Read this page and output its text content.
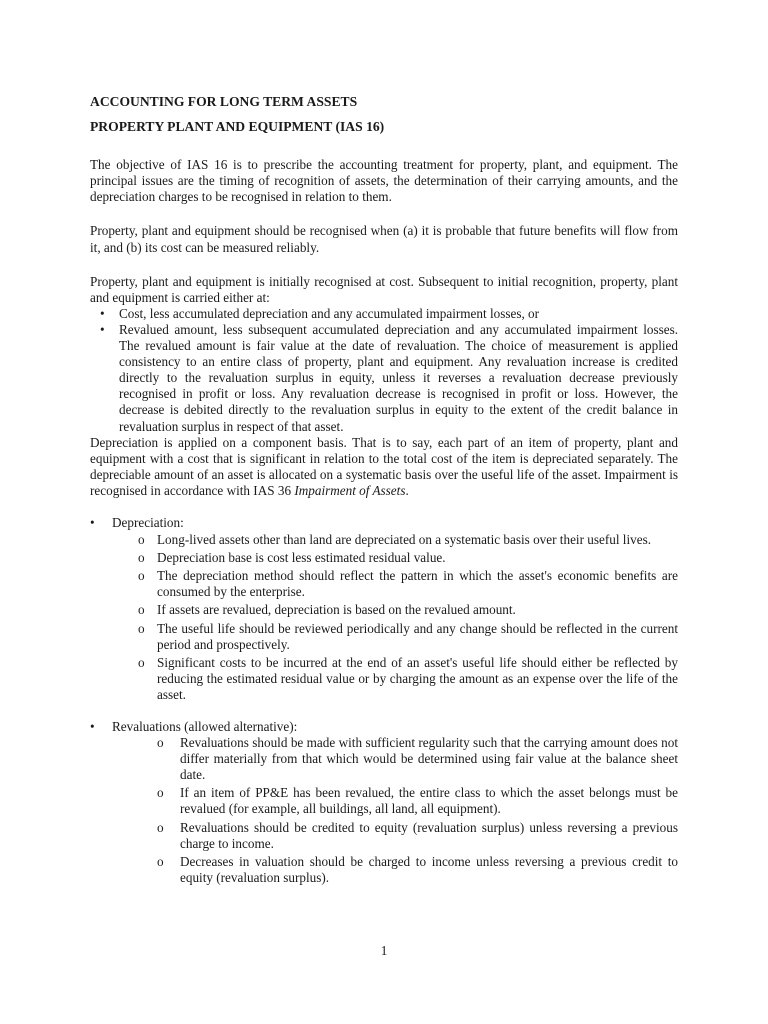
ACCOUNTING FOR LONG TERM ASSETS

PROPERTY PLANT AND EQUIPMENT (IAS 16)

The objective of IAS 16 is to prescribe the accounting treatment for property, plant, and equipment. The principal issues are the timing of recognition of assets, the determination of their carrying amounts, and the depreciation charges to be recognised in relation to them.

Property, plant and equipment should be recognised when (a) it is probable that future benefits will flow from it, and (b) its cost can be measured reliably.

Property, plant and equipment is initially recognised at cost. Subsequent to initial recognition, property, plant and equipment is carried either at:

• Cost, less accumulated depreciation and any accumulated impairment losses, or
• Revalued amount, less subsequent accumulated depreciation and any accumulated impairment losses. The revalued amount is fair value at the date of revaluation. The choice of measurement is applied consistency to an entire class of property, plant and equipment. Any revaluation increase is credited directly to the revaluation surplus in equity, unless it reverses a revaluation decrease previously recognised in profit or loss. Any revaluation decrease is recognised in profit or loss. However, the decrease is debited directly to the revaluation surplus in equity to the extent of the credit balance in revaluation surplus in respect of that asset.

Depreciation is applied on a component basis. That is to say, each part of an item of property, plant and equipment with a cost that is significant in relation to the total cost of the item is depreciated separately. The depreciable amount of an asset is allocated on a systematic basis over the useful life of the asset. Impairment is recognised in accordance with IAS 36 Impairment of Assets.

• Depreciation:
o Long-lived assets other than land are depreciated on a systematic basis over their useful lives.
o Depreciation base is cost less estimated residual value.
o The depreciation method should reflect the pattern in which the asset's economic benefits are consumed by the enterprise.
o If assets are revalued, depreciation is based on the revalued amount.
o The useful life should be reviewed periodically and any change should be reflected in the current period and prospectively.
o Significant costs to be incurred at the end of an asset's useful life should either be reflected by reducing the estimated residual value or by charging the amount as an expense over the life of the asset.
• Revaluations (allowed alternative):
o Revaluations should be made with sufficient regularity such that the carrying amount does not differ materially from that which would be determined using fair value at the balance sheet date.
o If an item of PP&E has been revalued, the entire class to which the asset belongs must be revalued (for example, all buildings, all land, all equipment).
o Revaluations should be credited to equity (revaluation surplus) unless reversing a previous charge to income.
o Decreases in valuation should be charged to income unless reversing a previous credit to equity (revaluation surplus).
1
